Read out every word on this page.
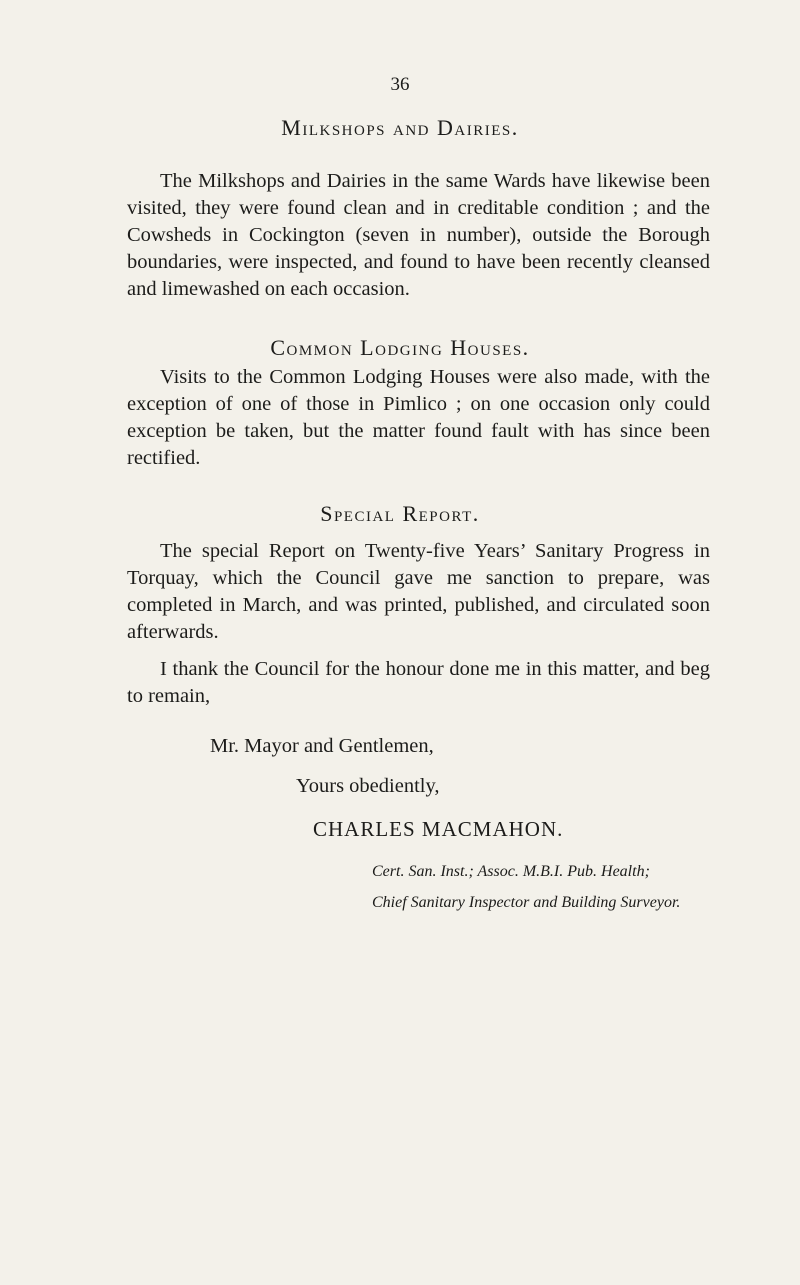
36
Milkshops and Dairies.

The Milkshops and Dairies in the same Wards have likewise been visited, they were found clean and in creditable condition ; and the Cowsheds in Cockington (seven in number), outside the Borough boundaries, were inspected, and found to have been recently cleansed and limewashed on each occasion.

Common Lodging Houses.

Visits to the Common Lodging Houses were also made, with the exception of one of those in Pimlico ; on one occasion only could exception be taken, but the matter found fault with has since been rectified.

Special Report.

The special Report on Twenty-five Years’ Sanitary Progress in Torquay, which the Council gave me sanction to prepare, was completed in March, and was printed, published, and circulated soon afterwards.

I thank the Council for the honour done me in this matter, and beg to remain,

Mr. Mayor and Gentlemen,

Yours obediently,

CHARLES MACMAHON.

Cert. San. Inst.; Assoc. M.B.I. Pub. Health;

Chief Sanitary Inspector and Building Surveyor.
